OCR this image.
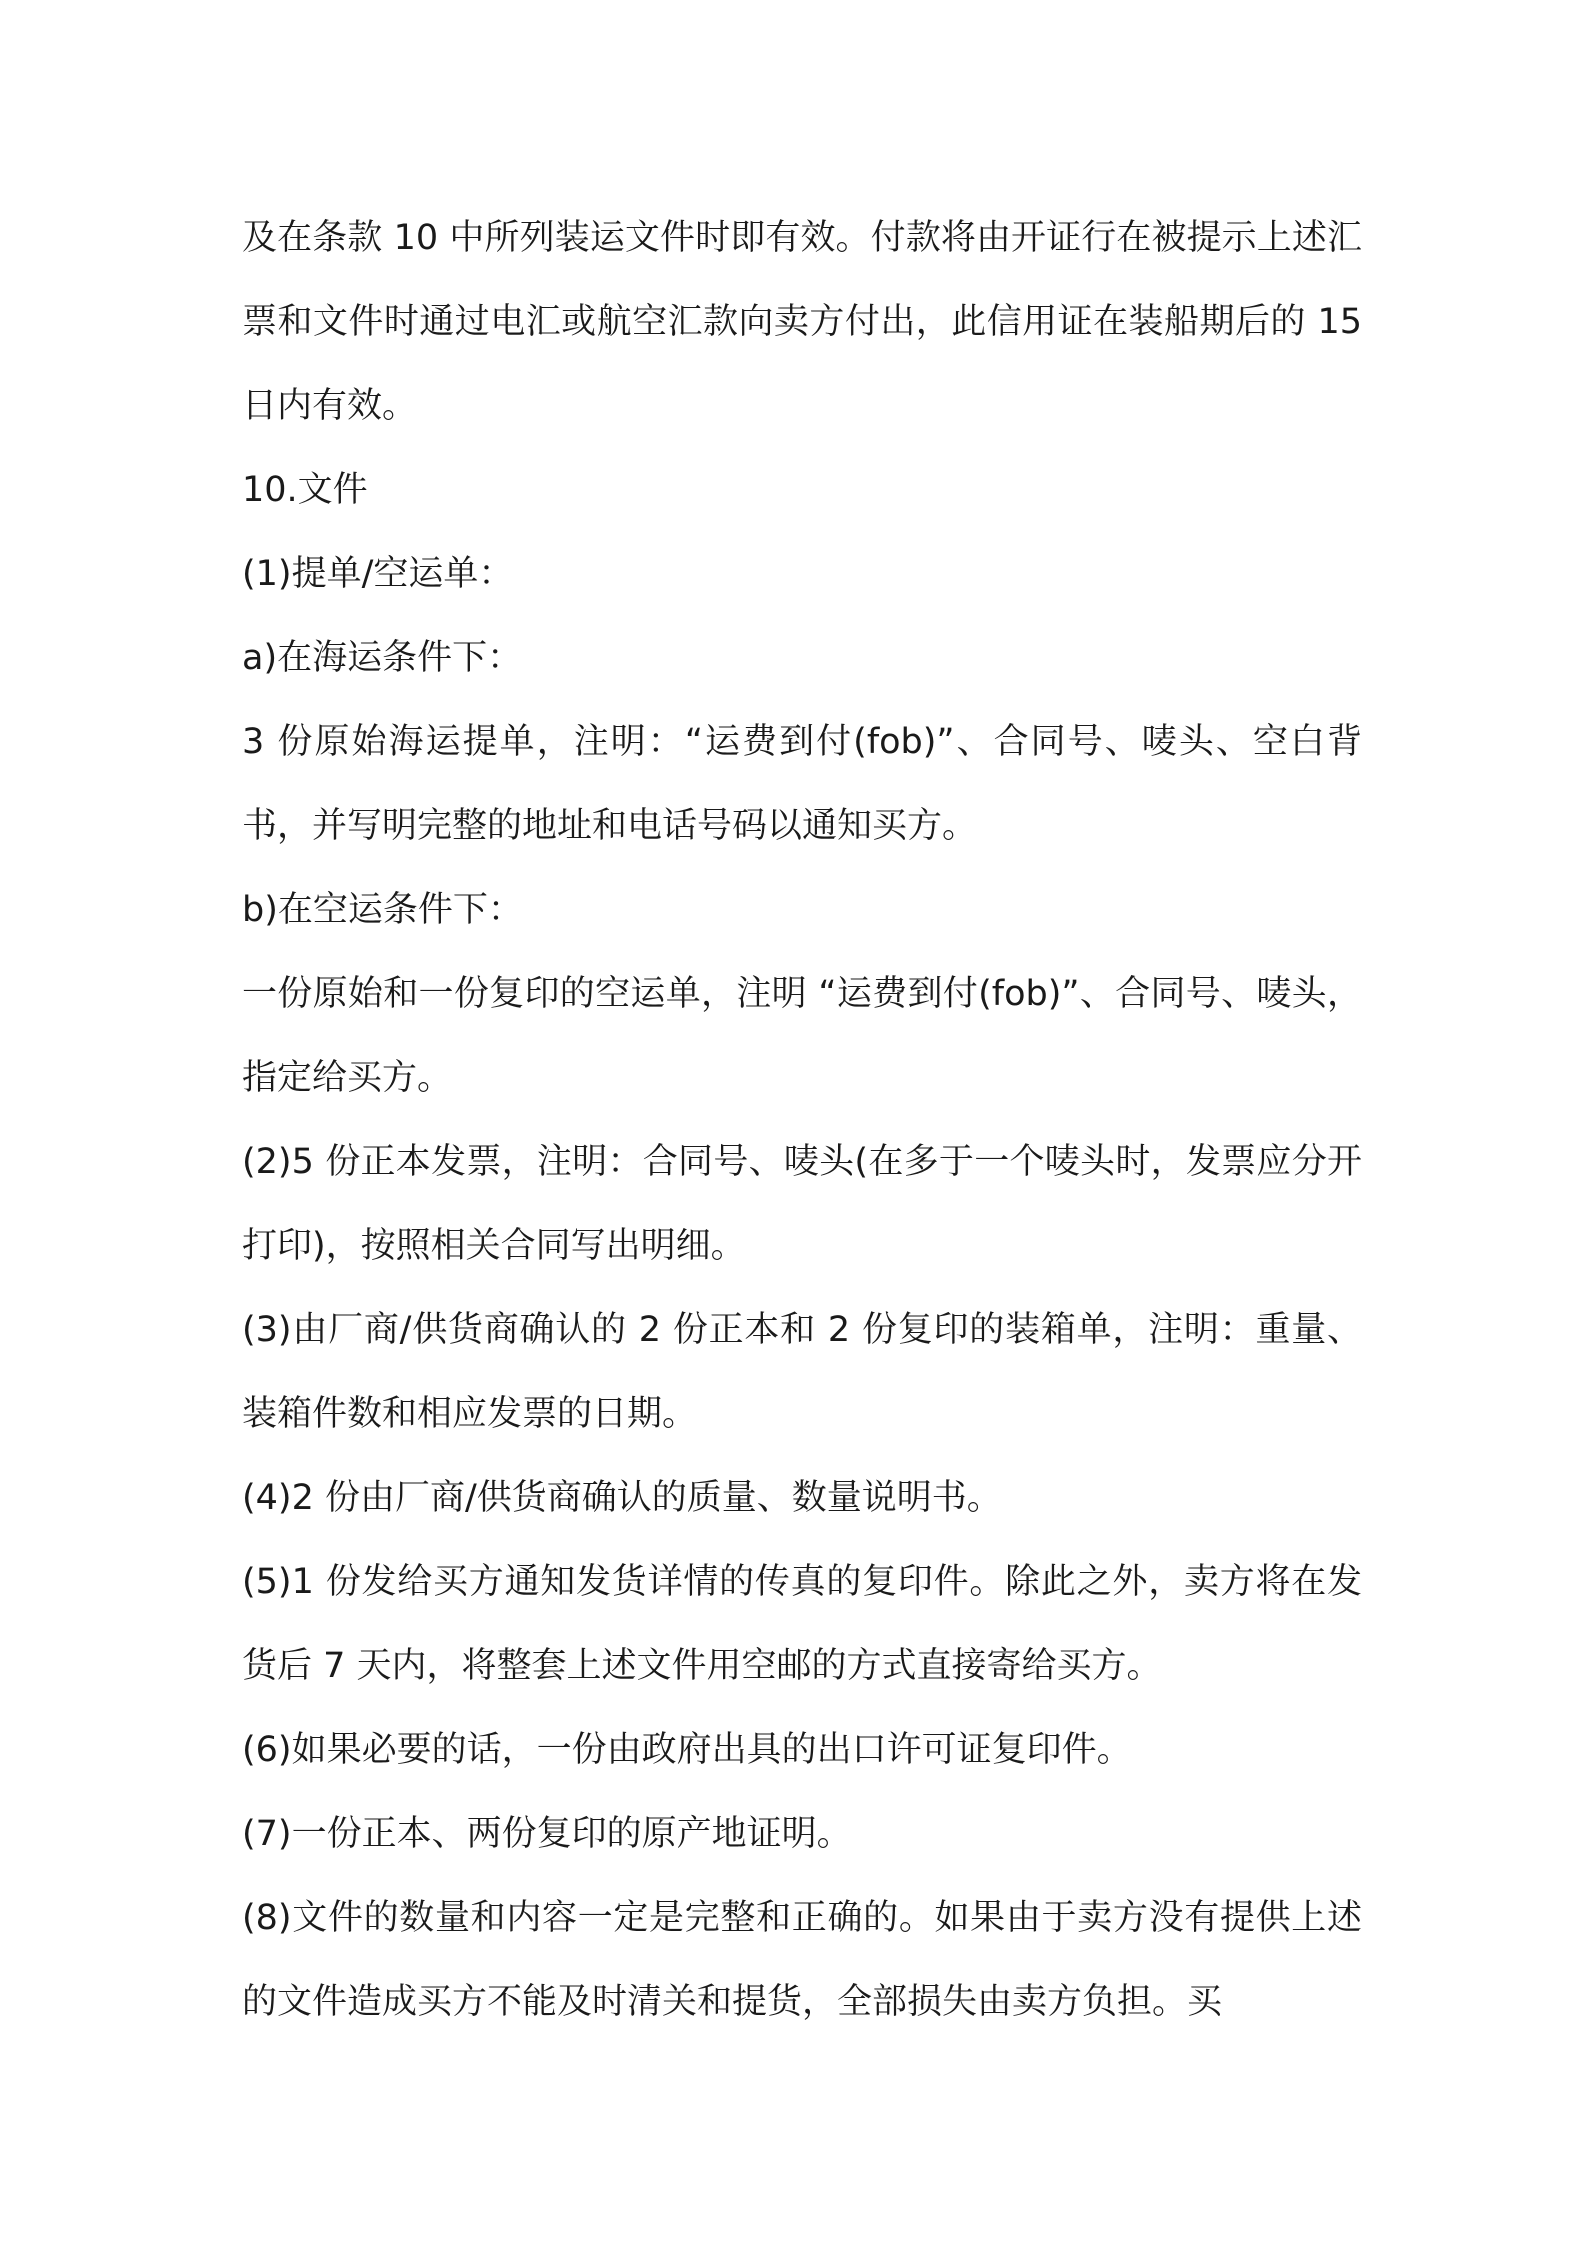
及在条款 10 中所列装运文件时即有效。付款将由开证行在被提示上述汇票和文件时通过电汇或航空汇款向卖方付出，此信用证在装船期后的 15 日内有效。

10.文件

(1)提单/空运单：

a)在海运条件下：

3 份原始海运提单，注明：“运费到付(fob)”、合同号、唛头、空白背书，并写明完整的地址和电话号码以通知买方。

b)在空运条件下：

一份原始和一份复印的空运单，注明 “运费到付(fob)”、合同号、唛头，指定给买方。

(2)5 份正本发票，注明：合同号、唛头(在多于一个唛头时，发票应分开打印)，按照相关合同写出明细。

(3)由厂商/供货商确认的 2 份正本和 2 份复印的装箱单，注明：重量、装箱件数和相应发票的日期。

(4)2 份由厂商/供货商确认的质量、数量说明书。

(5)1 份发给买方通知发货详情的传真的复印件。除此之外，卖方将在发货后 7 天内，将整套上述文件用空邮的方式直接寄给买方。

(6)如果必要的话，一份由政府出具的出口许可证复印件。

(7)一份正本、两份复印的原产地证明。

(8)文件的数量和内容一定是完整和正确的。如果由于卖方没有提供上述的文件造成买方不能及时清关和提货，全部损失由卖方负担。买
